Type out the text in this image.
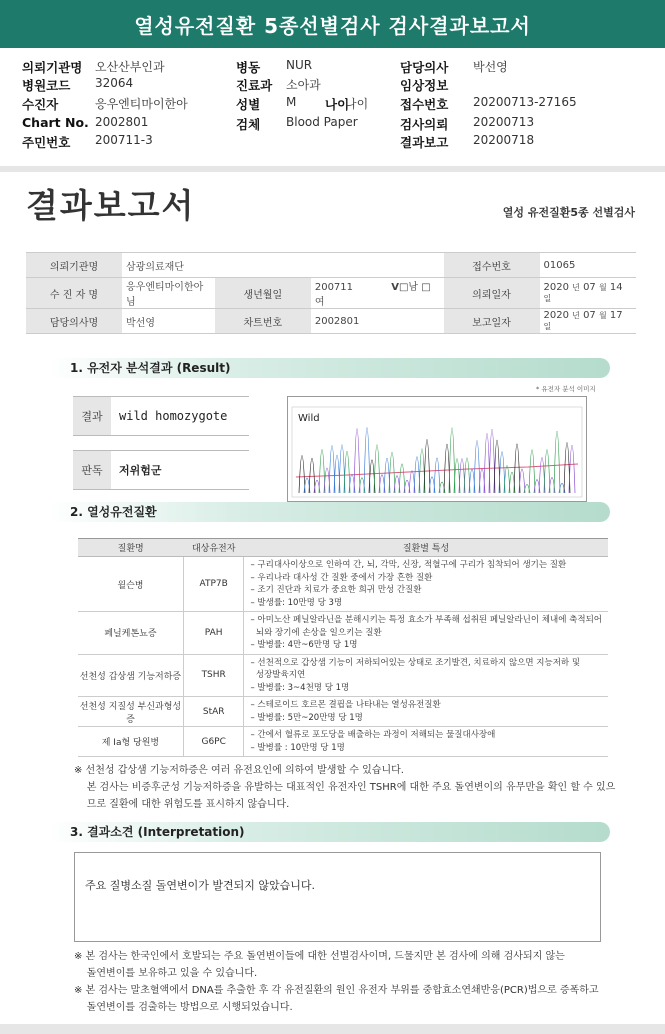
열성유전질환 5종선별검사 검사결과보고서
의뢰기관명 오산산부인과
병원코드 32064
수진자	응우엔티마이한아
Chart No. 2002801
주민번호 200711-3
병동 NUR
진료과 소아과
성별 M 나이
나이
검체 Blood Paper
담당의사 박선영
임상정보
접수번호 20200713-27165
검사의뢰 20200713
결과보고 20200718
결과보고서	열성 유전질환5종 선별검사
의뢰기관명	삼광의료재단			접수번호	01065
수 진 자 명	응우엔티마이한아님	생년월일	200711 V□남 □여	의뢰일자	2020 $^년$ 07 $^월$ 14 $^일$
담당의사명	박선영	차트번호	2002801	보고일자	2020 $^년$ 07 $^월$ 17 $^일$
1. 유전자 분석결과 (Result)
* 유전자 분석 이미지
결과	wild homozygote
판독	저위험군
Wild
2. 열성유전질환
질환명	대상유전자	질환별 특성
윌슨병	ATP7B	– 구리대사이상으로 인하여 간, 뇌, 각막, 신장, 적혈구에 구리가 침착되어 생기는 질환
– 우리나라 대사성 간 질환 중에서 가장 흔한 질환
– 조기 진단과 치료가 중요한 희귀 만성 간질환
– 발생률: 10만명 당 3명

페닐케톤뇨증	PAH	– 아미노산 페닐알라닌을 분해시키는 특정 효소가 부족해 섭취된 페닐알라닌이 체내에 축적되어
뇌와 장기에 손상을 일으키는 질환
– 발병률: 4만~6만명 당 1명

선천성 갑상샘 기능저하증	TSHR	– 선천적으로 갑상샘 기능이 저하되어있는 상태로 조기발견, 치료하지 않으면 지능저하 및
성장발육지연
– 발병률: 3~4천명 당 1명

선천성 지질성 부신과형성증	StAR	– 스테로이드 호르몬 결핍을 나타내는 열성유전질환
– 발병률: 5만~20만명 당 1명

제 Ia형 당원병	G6PC	– 간에서 혈류로 포도당을 배출하는 과정이 저해되는 물질대사장애
– 발병률 : 10만명 당 1명
※ 선천성 갑상샘 기능저하증은 여러 유전요인에 의하여 발생할 수 있습니다.
본 검사는 비증후군성 기능저하증을 유발하는 대표적인 유전자인 TSHR에 대한 주요 돌연변이의 유무만을 확인 할 수 있으
므로 질환에 대한 위험도를 표시하지 않습니다.
3. 결과소견 (Interpretation)
주요 질병소질 돌연변이가 발견되지 않았습니다.
※ 본 검사는 한국인에서 호발되는 주요 돌연변이들에 대한 선별검사이며, 드물지만 본 검사에 의해 검사되지 않는
돌연변이를 보유하고 있을 수 있습니다.
※ 본 검사는 말초혈액에서 DNA를 추출한 후 각 유전질환의 원인 유전자 부위를 중합효소연쇄반응(PCR)법으로 증폭하고
돌연변이를 검출하는 방법으로 시행되었습니다.
